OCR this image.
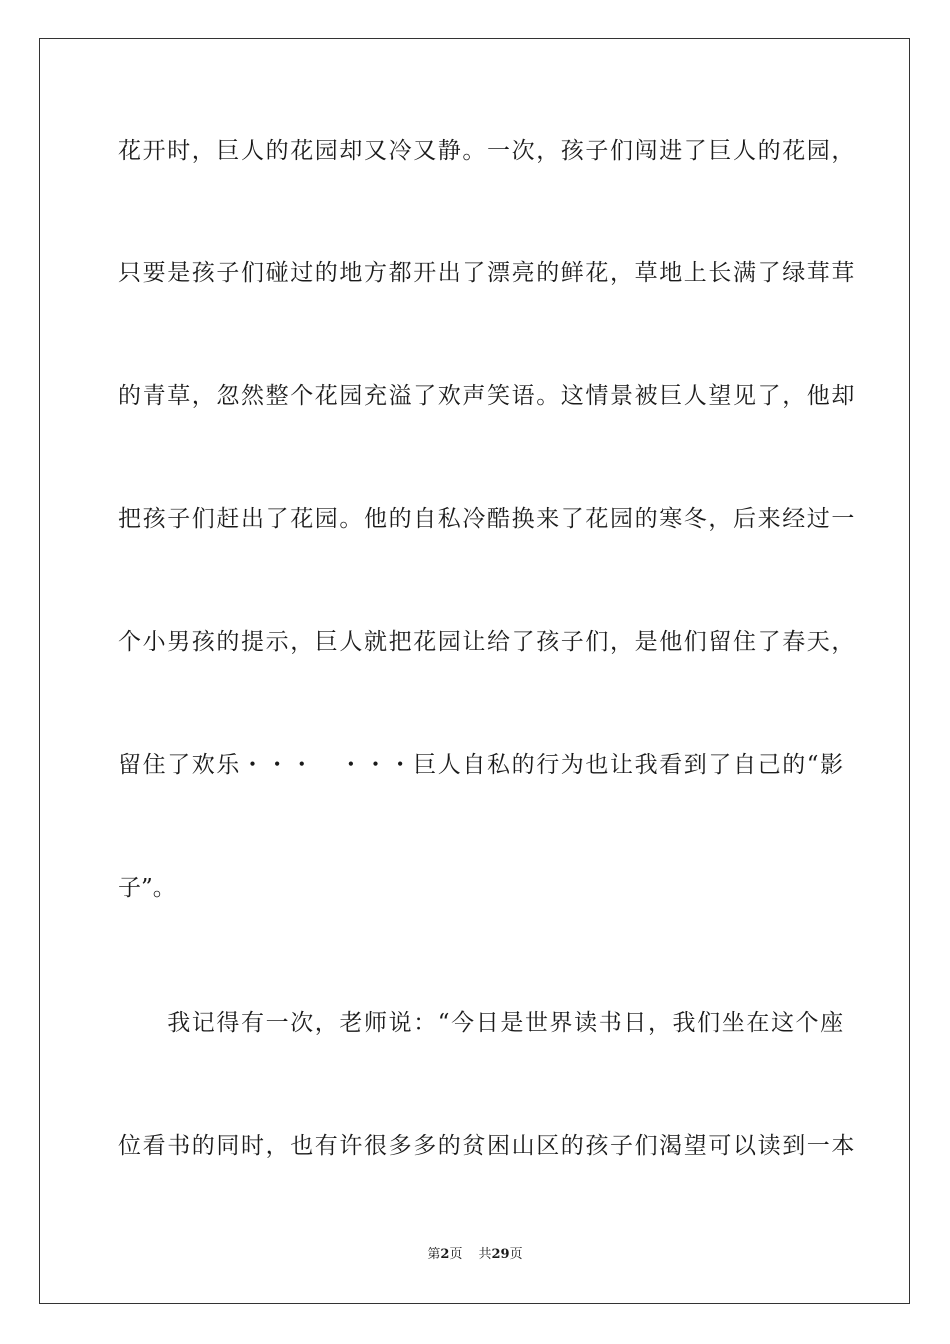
花开时，巨人的花园却又冷又静。一次，孩子们闯进了巨人的花园，
只要是孩子们碰过的地方都开出了漂亮的鲜花，草地上长满了绿茸茸
的青草，忽然整个花园充溢了欢声笑语。这情景被巨人望见了，他却
把孩子们赶出了花园。他的自私冷酷换来了花园的寒冬，后来经过一
个小男孩的提示，巨人就把花园让给了孩子们，是他们留住了春天，
留住了欢乐・・・　・・・巨人自私的行为也让我看到了自己的“影
子”。
　　我记得有一次，老师说：“今日是世界读书日，我们坐在这个座
位看书的同时，也有许很多多的贫困山区的孩子们渴望可以读到一本
第2页 共29页
